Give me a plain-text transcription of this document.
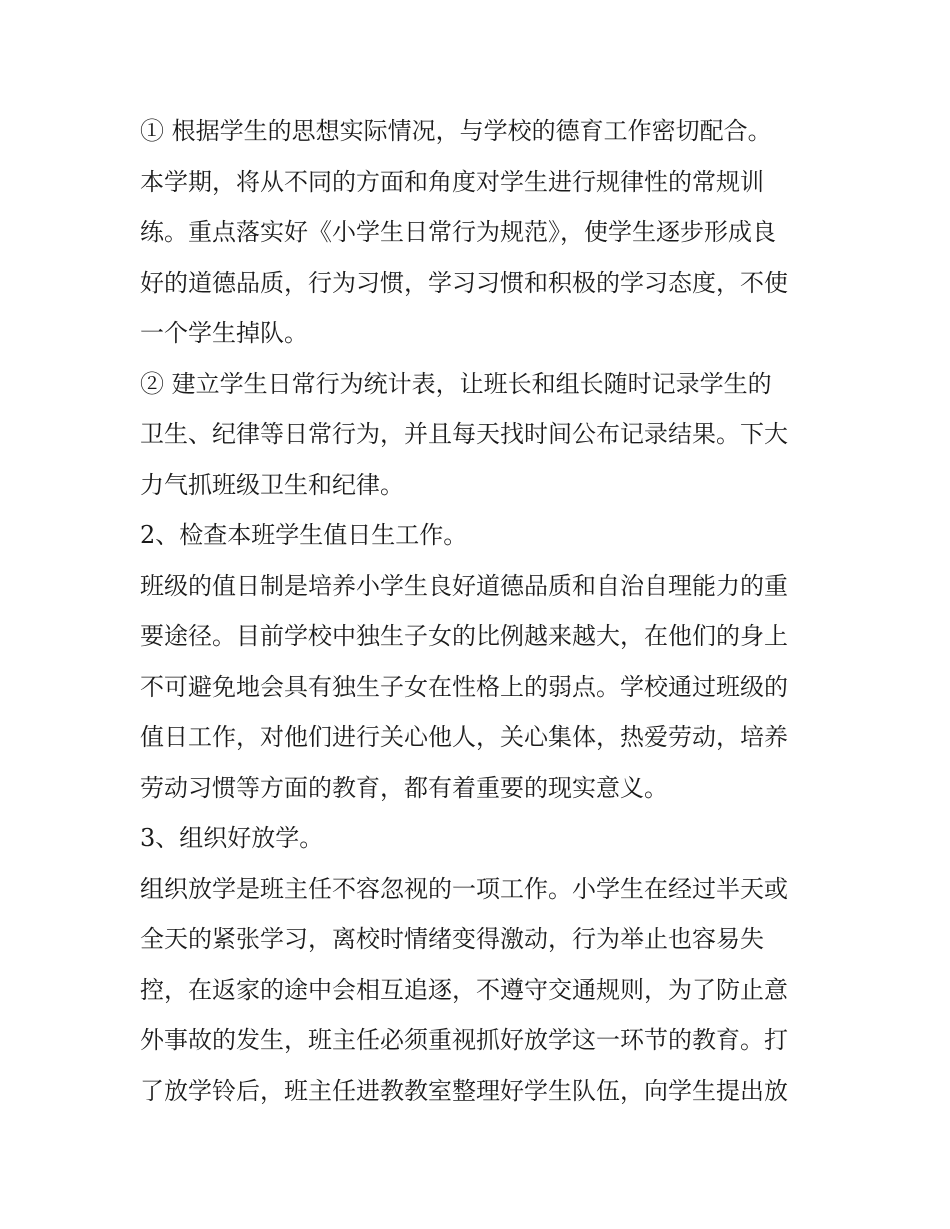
① 根据学生的思想实际情况，与学校的德育工作密切配合。
本学期，将从不同的方面和角度对学生进行规律性的常规训
练。重点落实好《小学生日常行为规范》，使学生逐步形成良
好的道德品质，行为习惯，学习习惯和积极的学习态度，不使
一个学生掉队。
② 建立学生日常行为统计表，让班长和组长随时记录学生的
卫生、纪律等日常行为，并且每天找时间公布记录结果。下大
力气抓班级卫生和纪律。
2、检查本班学生值日生工作。
班级的值日制是培养小学生良好道德品质和自治自理能力的重
要途径。目前学校中独生子女的比例越来越大，在他们的身上
不可避免地会具有独生子女在性格上的弱点。学校通过班级的
值日工作，对他们进行关心他人，关心集体，热爱劳动，培养
劳动习惯等方面的教育，都有着重要的现实意义。
3、组织好放学。
组织放学是班主任不容忽视的一项工作。小学生在经过半天或
全天的紧张学习，离校时情绪变得激动，行为举止也容易失
控，在返家的途中会相互追逐，不遵守交通规则，为了防止意
外事故的发生，班主任必须重视抓好放学这一环节的教育。打
了放学铃后，班主任进教教室整理好学生队伍，向学生提出放
